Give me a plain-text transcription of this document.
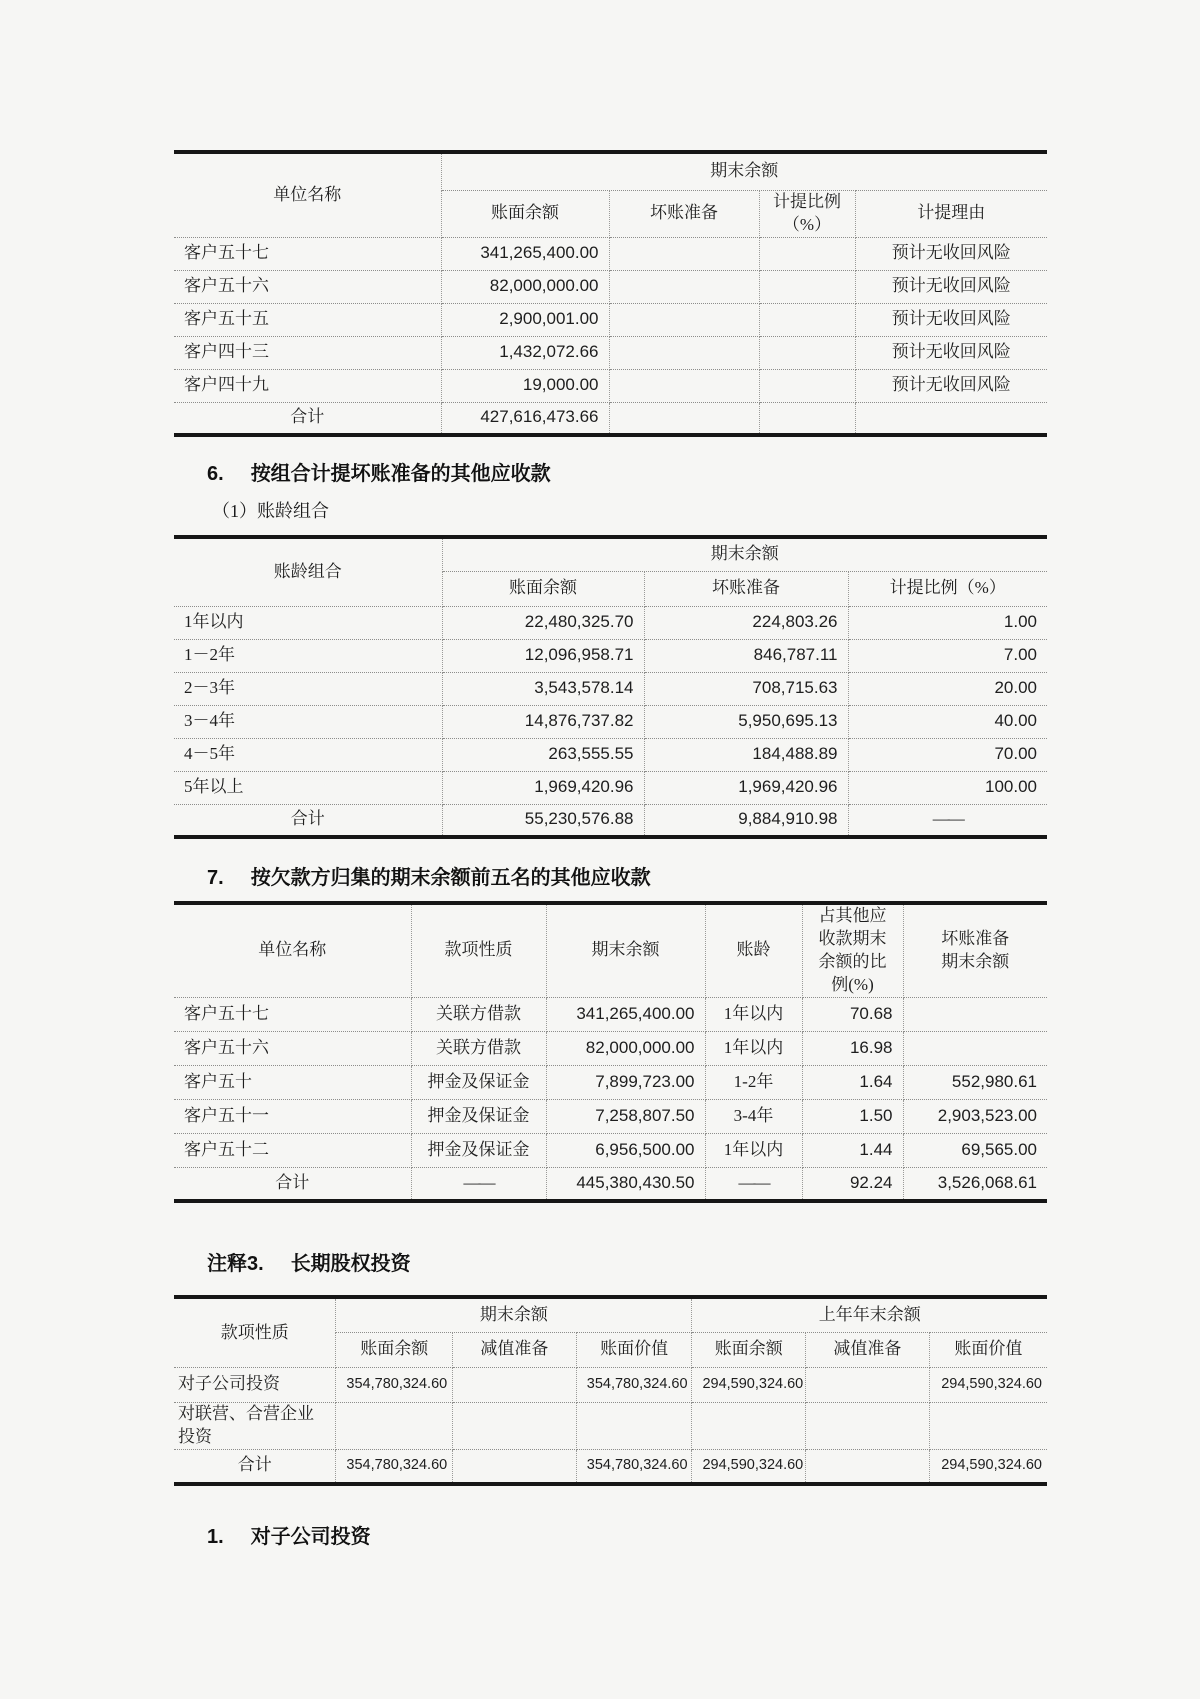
单位名称	期末余额			
	账面余额	坏账准备	计提比例（%）	计提理由
客户五十七	341,265,400.00			预计无收回风险
客户五十六	82,000,000.00			预计无收回风险
客户五十五	2,900,001.00			预计无收回风险
客户四十三	1,432,072.66			预计无收回风险
客户四十九	19,000.00			预计无收回风险
合计	427,616,473.66			
6. 按组合计提坏账准备的其他应收款
（1）账龄组合
账龄组合	期末余额		
	账面余额	坏账准备	计提比例（%）
1年以内	22,480,325.70	224,803.26	1.00
1－2年	12,096,958.71	846,787.11	7.00
2－3年	3,543,578.14	708,715.63	20.00
3－4年	14,876,737.82	5,950,695.13	40.00
4－5年	263,555.55	184,488.89	70.00
5年以上	1,969,420.96	1,969,420.96	100.00
合计	55,230,576.88	9,884,910.98	——
7. 按欠款方归集的期末余额前五名的其他应收款
单位名称	款项性质	期末余额	账龄	占其他应收款期末余额的比例(%)	坏账准备期末余额
客户五十七	关联方借款	341,265,400.00	1年以内	70.68	
客户五十六	关联方借款	82,000,000.00	1年以内	16.98	
客户五十	押金及保证金	7,899,723.00	1-2年	1.64	552,980.61
客户五十一	押金及保证金	7,258,807.50	3-4年	1.50	2,903,523.00
客户五十二	押金及保证金	6,956,500.00	1年以内	1.44	69,565.00
合计	——	445,380,430.50	——	92.24	3,526,068.61
注释3. 长期股权投资
款项性质	期末余额			上年年末余额		
	账面余额	减值准备	账面价值	账面余额	减值准备	账面价值
对子公司投资	354,780,324.60		354,780,324.60	294,590,324.60		294,590,324.60
对联营、合营企业投资						
合计	354,780,324.60		354,780,324.60	294,590,324.60		294,590,324.60
1. 对子公司投资
